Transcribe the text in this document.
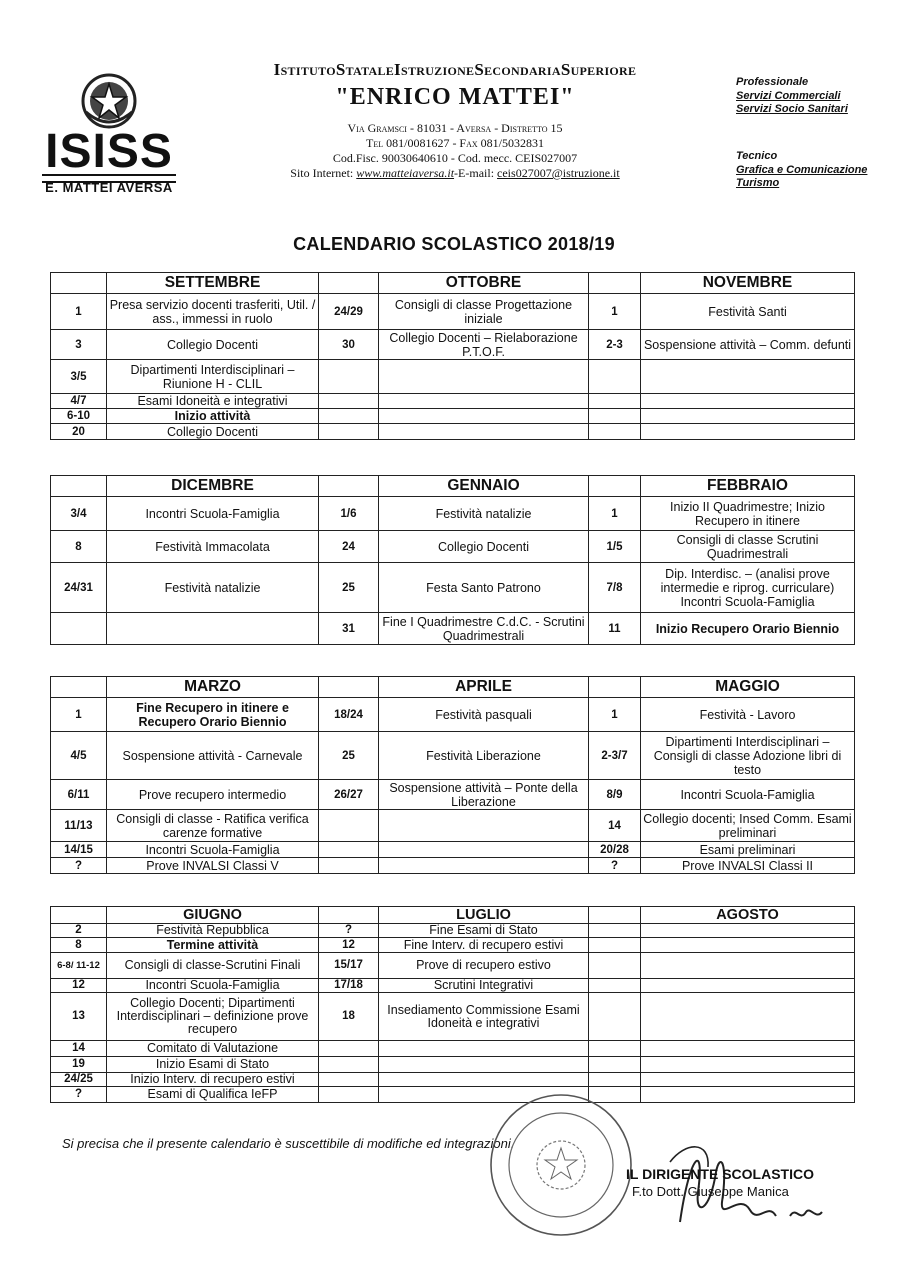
ISISS
E. MATTEI AVERSA
IstitutoStataleIstruzioneSecondariaSuperiore
"ENRICO MATTEI"
Via Gramsci - 81031 - Aversa - Distretto 15
Tel 081/0081627 - Fax 081/5032831
Cod.Fisc. 90030640610 - Cod. mecc. CEIS027007
Sito Internet: www.matteiaversa.it-E-mail: ceis027007@istruzione.it
Professionale
Servizi Commerciali
Servizi Socio Sanitari
Tecnico
Grafica e Comunicazione
Turismo
CALENDARIO SCOLASTICO 2018/19
	SETTEMBRE		OTTOBRE		NOVEMBRE
1	Presa servizio docenti trasferiti, Util. / ass., immessi in ruolo	24/29	Consigli di classe Progettazione iniziale	1	Festività Santi
3	Collegio Docenti	30	Collegio Docenti – Rielaborazione P.T.O.F.	2-3	Sospensione attività – Comm. defunti
3/5	Dipartimenti Interdisciplinari – Riunione H - CLIL				
4/7	Esami Idoneità e integrativi				
6-10	Inizio attività				
20	Collegio Docenti				
	DICEMBRE		GENNAIO		FEBBRAIO
3/4	Incontri Scuola-Famiglia	1/6	Festività natalizie	1	Inizio II Quadrimestre; Inizio Recupero in itinere
8	Festività Immacolata	24	Collegio Docenti	1/5	Consigli di classe Scrutini Quadrimestrali
24/31	Festività natalizie	25	Festa Santo Patrono	7/8	Dip. Interdisc. – (analisi prove intermedie e riprog. curriculare) Incontri Scuola-Famiglia
		31	Fine I Quadrimestre C.d.C. - Scrutini Quadrimestrali	11	Inizio Recupero Orario Biennio
	MARZO		APRILE		MAGGIO
1	Fine Recupero in itinere e Recupero Orario Biennio	18/24	Festività pasquali	1	Festività - Lavoro
4/5	Sospensione attività - Carnevale	25	Festività Liberazione	2-3/7	Dipartimenti Interdisciplinari – Consigli di classe Adozione libri di testo
6/11	Prove recupero intermedio	26/27	Sospensione attività – Ponte della Liberazione	8/9	Incontri Scuola-Famiglia
11/13	Consigli di classe - Ratifica verifica carenze formative			14	Collegio docenti; Insed Comm. Esami preliminari
14/15	Incontri Scuola-Famiglia			20/28	Esami preliminari
?	Prove INVALSI Classi V			?	Prove INVALSI Classi II
	GIUGNO		LUGLIO		AGOSTO
2	Festività Repubblica	?	Fine Esami di Stato		
8	Termine attività	12	Fine Interv. di recupero estivi		
6-8/ 11-12	Consigli di classe-Scrutini Finali	15/17	Prove di recupero estivo		
12	Incontri Scuola-Famiglia	17/18	Scrutini Integrativi		
13	Collegio Docenti; Dipartimenti Interdisciplinari – definizione prove recupero	18	Insediamento Commissione Esami Idoneità e integrativi		
14	Comitato di Valutazione				
19	Inizio Esami di Stato				
24/25	Inizio Interv. di recupero estivi				
?	Esami di Qualifica IeFP				
Si precisa che il presente calendario è suscettibile di modifiche ed integrazioni.
IL DIRIGENTE SCOLASTICO
F.to Dott. Giuseppe Manica
